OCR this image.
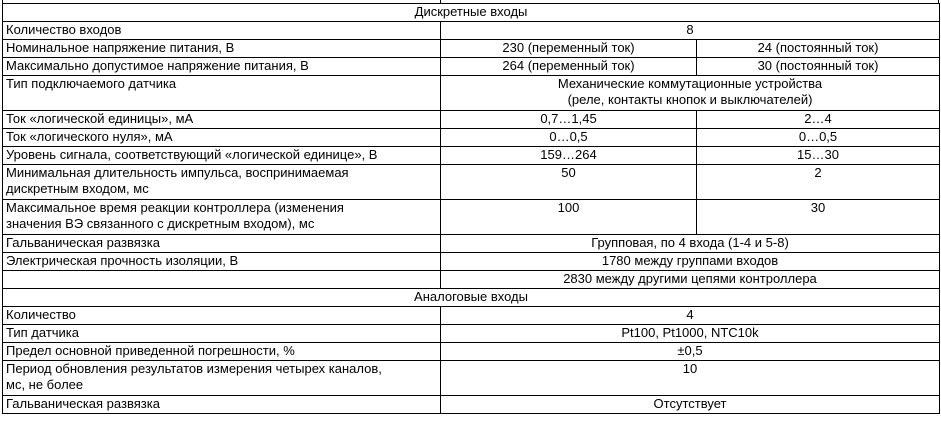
Дискретные входы		
Количество входов	8	
Номинальное напряжение питания, В	230 (переменный ток)	24 (постоянный ток)
Максимально допустимое напряжение питания, В	264 (переменный ток)	30 (постоянный ток)
Тип подключаемого датчика	Механические коммутационные устройства
(реле, контакты кнопок и выключателей)	

Ток «логической единицы», мА	0,7…1,45	2…4
Ток «логического нуля», мА	0…0,5	0…0,5
Уровень сигнала, соответствующий «логической единице», В	159…264	15…30

Минимальная длительность импульса, воспринимаемая
дискретным входом, мс	50	2

Максимальное время реакции контроллера (изменения
значения ВЭ связанного с дискретным входом), мс	100	30
Гальваническая развязка	Групповая, по 4 входа (1-4 и 5-8)	
Электрическая прочность изоляции, В	1780 между группами входов	
	2830 между другими цепями контроллера	
Аналоговые входы		
Количество	4	
Тип датчика	Pt100, Pt1000, NTC10k	
Предел основной приведенной погрешности, %	±0,5	

Период обновления результатов измерения четырех каналов,
мс, не более	10	
Гальваническая развязка	Отсутствует	
